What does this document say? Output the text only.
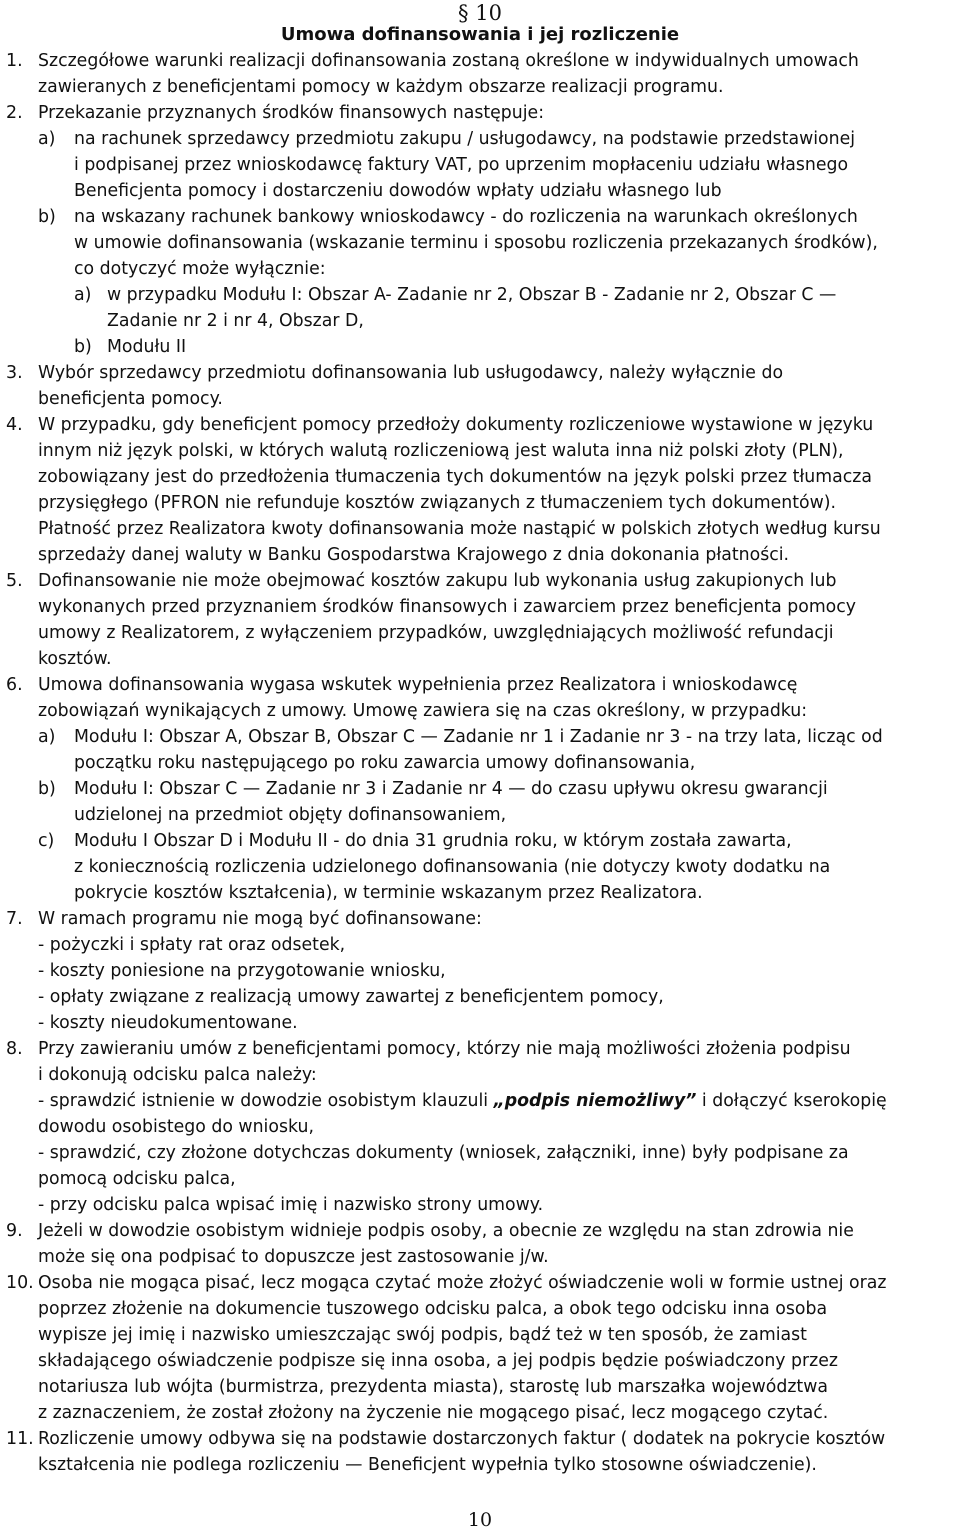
§ 10
Umowa dofinansowania i jej rozliczenie
1. Szczegółowe warunki realizacji dofinansowania zostaną określone w indywidualnych umowach
zawieranych z beneficjentami pomocy w każdym obszarze realizacji programu.
2. Przekazanie przyznanych środków finansowych następuje:
a) na rachunek sprzedawcy przedmiotu zakupu / usługodawcy, na podstawie przedstawionej
i podpisanej przez wnioskodawcę faktury VAT, po uprzenim mopłaceniu udziału własnego
Beneficjenta pomocy i dostarczeniu dowodów wpłaty udziału własnego lub
b) na wskazany rachunek bankowy wnioskodawcy - do rozliczenia na warunkach określonych
w umowie dofinansowania (wskazanie terminu i sposobu rozliczenia przekazanych środków),
co dotyczyć może wyłącznie:
a) w przypadku Modułu I: Obszar A- Zadanie nr 2, Obszar B - Zadanie nr 2, Obszar C —
Zadanie nr 2 i nr 4, Obszar D,
b) Modułu II
3. Wybór sprzedawcy przedmiotu dofinansowania lub usługodawcy, należy wyłącznie do
beneficjenta pomocy.
4. W przypadku, gdy beneficjent pomocy przedłoży dokumenty rozliczeniowe wystawione w języku
innym niż język polski, w których walutą rozliczeniową jest waluta inna niż polski złoty (PLN),
zobowiązany jest do przedłożenia tłumaczenia tych dokumentów na język polski przez tłumacza
przysięgłego (PFRON nie refunduje kosztów związanych z tłumaczeniem tych dokumentów).
Płatność przez Realizatora kwoty dofinansowania może nastąpić w polskich złotych według kursu
sprzedaży danej waluty w Banku Gospodarstwa Krajowego z dnia dokonania płatności.
5. Dofinansowanie nie może obejmować kosztów zakupu lub wykonania usług zakupionych lub
wykonanych przed przyznaniem środków finansowych i zawarciem przez beneficjenta pomocy
umowy z Realizatorem, z wyłączeniem przypadków, uwzględniających możliwość refundacji
kosztów.
6. Umowa dofinansowania wygasa wskutek wypełnienia przez Realizatora i wnioskodawcę
zobowiązań wynikających z umowy. Umowę zawiera się na czas określony, w przypadku:
a) Modułu I: Obszar A, Obszar B, Obszar C — Zadanie nr 1 i Zadanie nr 3 - na trzy lata, licząc od
początku roku następującego po roku zawarcia umowy dofinansowania,
b) Modułu I: Obszar C — Zadanie nr 3 i Zadanie nr 4 — do czasu upływu okresu gwarancji
udzielonej na przedmiot objęty dofinansowaniem,
c) Modułu I Obszar D i Modułu II - do dnia 31 grudnia roku, w którym została zawarta,
z koniecznością rozliczenia udzielonego dofinansowania (nie dotyczy kwoty dodatku na
pokrycie kosztów kształcenia), w terminie wskazanym przez Realizatora.
7. W ramach programu nie mogą być dofinansowane:
- pożyczki i spłaty rat oraz odsetek,
- koszty poniesione na przygotowanie wniosku,
- opłaty związane z realizacją umowy zawartej z beneficjentem pomocy,
- koszty nieudokumentowane.
8. Przy zawieraniu umów z beneficjentami pomocy, którzy nie mają możliwości złożenia podpisu
i dokonują odcisku palca należy:
- sprawdzić istnienie w dowodzie osobistym klauzuli „podpis niemożliwy” i dołączyć kserokopię
dowodu osobistego do wniosku,
- sprawdzić, czy złożone dotychczas dokumenty (wniosek, załączniki, inne) były podpisane za
pomocą odcisku palca,
- przy odcisku palca wpisać imię i nazwisko strony umowy.
9. Jeżeli w dowodzie osobistym widnieje podpis osoby, a obecnie ze względu na stan zdrowia nie
może się ona podpisać to dopuszcze jest zastosowanie j/w.
10. Osoba nie mogąca pisać, lecz mogąca czytać może złożyć oświadczenie woli w formie ustnej oraz
poprzez złożenie na dokumencie tuszowego odcisku palca, a obok tego odcisku inna osoba
wypisze jej imię i nazwisko umieszczając swój podpis, bądź też w ten sposób, że zamiast
składającego oświadczenie podpisze się inna osoba, a jej podpis będzie poświadczony przez
notariusza lub wójta (burmistrza, prezydenta miasta), starostę lub marszałka województwa
z zaznaczeniem, że został złożony na życzenie nie mogącego pisać, lecz mogącego czytać.
11. Rozliczenie umowy odbywa się na podstawie dostarczonych faktur ( dodatek na pokrycie kosztów
kształcenia nie podlega rozliczeniu — Beneficjent wypełnia tylko stosowne oświadczenie).
10
